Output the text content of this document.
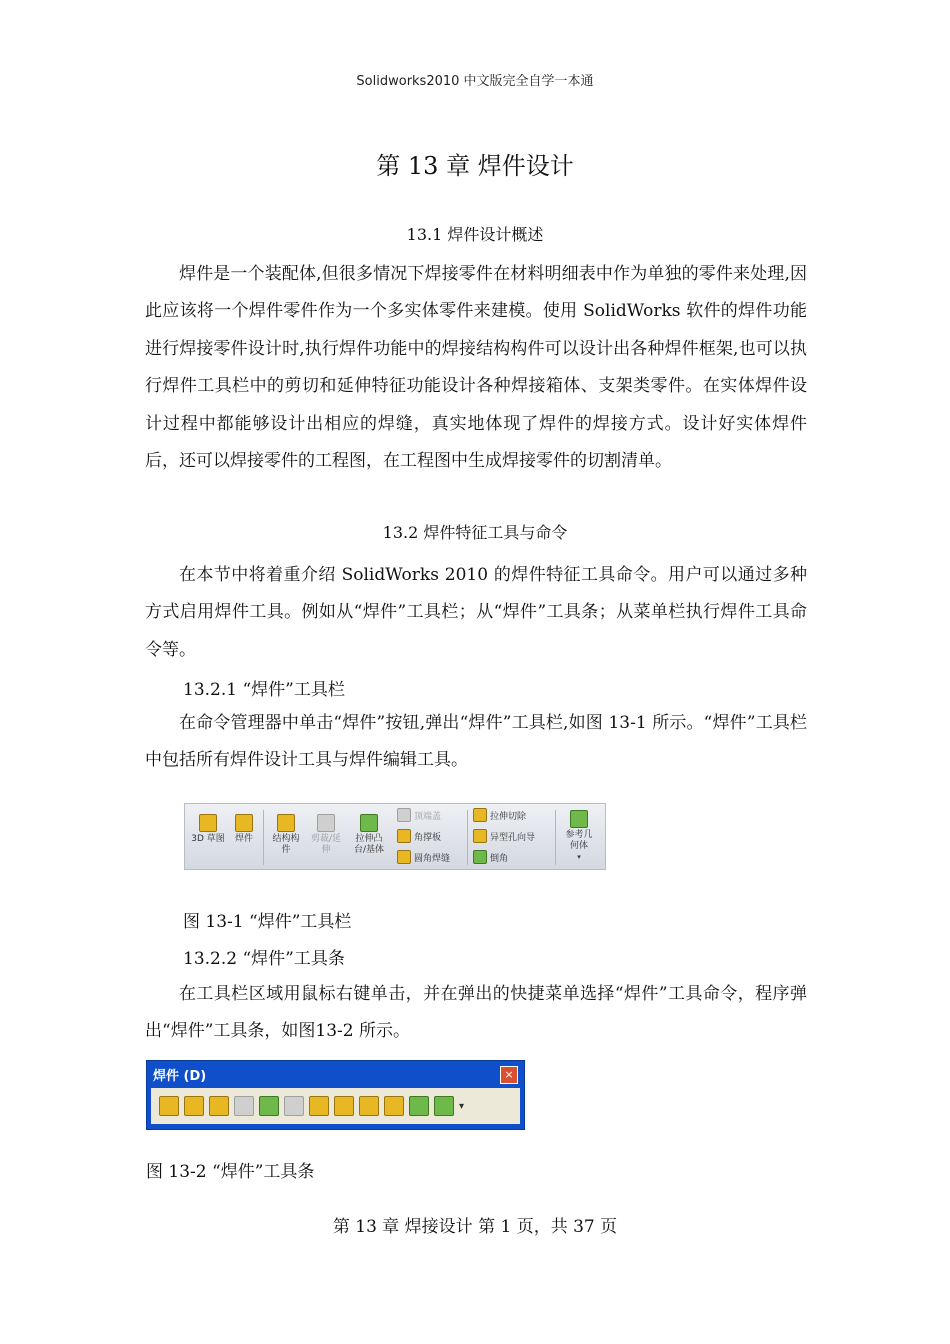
Solidworks2010 中文版完全自学一本通
第 13 章 焊件设计
13.1 焊件设计概述

焊件是一个装配体,但很多情况下焊接零件在材料明细表中作为单独的零件来处理,因此应该将一个焊件零件作为一个多实体零件来建模。使用 SolidWorks 软件的焊件功能进行焊接零件设计时,执行焊件功能中的焊接结构构件可以设计出各种焊件框架,也可以执行焊件工具栏中的剪切和延伸特征功能设计各种焊接箱体、支架类零件。在实体焊件设计过程中都能够设计出相应的焊缝，真实地体现了焊件的焊接方式。设计好实体焊件后，还可以焊接零件的工程图，在工程图中生成焊接零件的切割清单。

13.2 焊件特征工具与命令

在本节中将着重介绍 SolidWorks 2010 的焊件特征工具命令。用户可以通过多种方式启用焊件工具。例如从“焊件”工具栏；从“焊件”工具条；从菜单栏执行焊件工具命令等。

13.2.1 “焊件”工具栏

在命令管理器中单击“焊件”按钮,弹出“焊件”工具栏,如图 13-1 所示。“焊件”工具栏中包括所有焊件设计工具与焊件编辑工具。

3D 草图	焊件	结构构
件
剪裁/延
伸
拉伸凸
台/基体
顶端盖
角撑板
圆角焊缝
拉伸切除
异型孔向导
倒角
参考几
何体
▾
图 13-1 “焊件”工具栏
13.2.2 “焊件”工具条

在工具栏区域用鼠标右键单击，并在弹出的快捷菜单选择“焊件”工具命令，程序弹出“焊件”工具条，如图13-2 所示。

焊件 (D)	×
▾
图 13-2 “焊件”工具条
第 13 章 焊接设计 第 1 页，共 37 页
